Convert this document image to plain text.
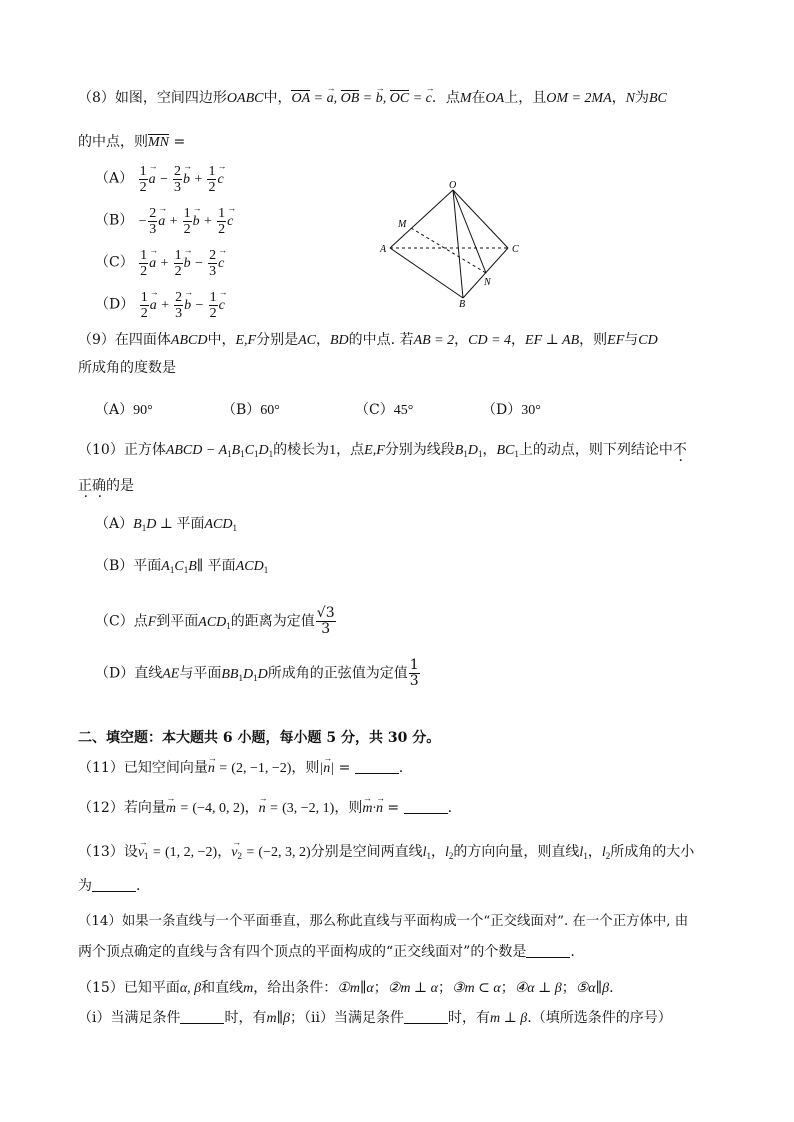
（8）如图，空间四边形OABC中，OA = a →, OB = b →, OC = c →．点M在OA上，且OM = 2MA，N为BC
的中点，则MN =
$(A) \frac{1}{2}$ a → − $\frac{2}{3}$ b → + $\frac{1}{2}$ c →
$(B) - \frac{2}{3}$ a → + $\frac{1}{2}$ b → + $\frac{1}{2}$ c →
$(C) \frac{1}{2}$ a → + $\frac{1}{2}$ b → − $\frac{2}{3}$ c →
$(D) \frac{1}{2}$ a → + $\frac{2}{3}$ b → − $\frac{1}{2}$ c →
O
M
A	C
N
B
（9）在四面体ABCD中，E,F分别是AC，BD的中点. 若AB = 2，CD = 4，EF ⊥ AB，则EF与CD
所成角的度数是
（A）90°	（B）60°	（C）45°	（D）30°
（10）正方体ABCD − $A_1B_1C_1D_1$的棱长为1，点E,F分别为线段$B_1D_1$，$BC_1$上的动点，则下列结论中不
正确的是
$(A)B_1D$ ⊥ 平面$ACD_1$
（B）平面$A_1C_1B\parallel$ 平面$ACD_1$
（C）点F到平面$ACD_1$的距离为定值 $\frac{√3}{3}$
（D）直线AE与平面$BB_1D_1D$所成角的正弦值为定值 $\frac{1}{3}$
二、填空题：本大题共 6 小题，每小题 5 分，共 30 分。
（11）已知空间向量n → = (2, −1, −2)，则|n →| =	.
（12）若向量m → = (−4, 0, 2)，n → = (3, −2, 1)，则m →·n → =	.
（13）设$v_1$ → = (1, 2, −2)，$v_2$ → = (−2, 3, 2)分别是空间两直线$l_1$，$l_2$的方向向量，则直线$l_1$，$l_2$所成角的大小
为	.
（14）如果一条直线与一个平面垂直，那么称此直线与平面构成一个“正交线面对”. 在一个正方体中, 由
两个顶点确定的直线与含有四个顶点的平面构成的“正交线面对”的个数是	.
（15）已知平面α, β和直线m，给出条件：①m∥α；②m ⊥ α；③m ⊂ α；④α ⊥ β；⑤α∥β.
（i）当满足条件	时，有m∥β；（ii）当满足条件	时，有m ⊥ β.（填所选条件的序号）
